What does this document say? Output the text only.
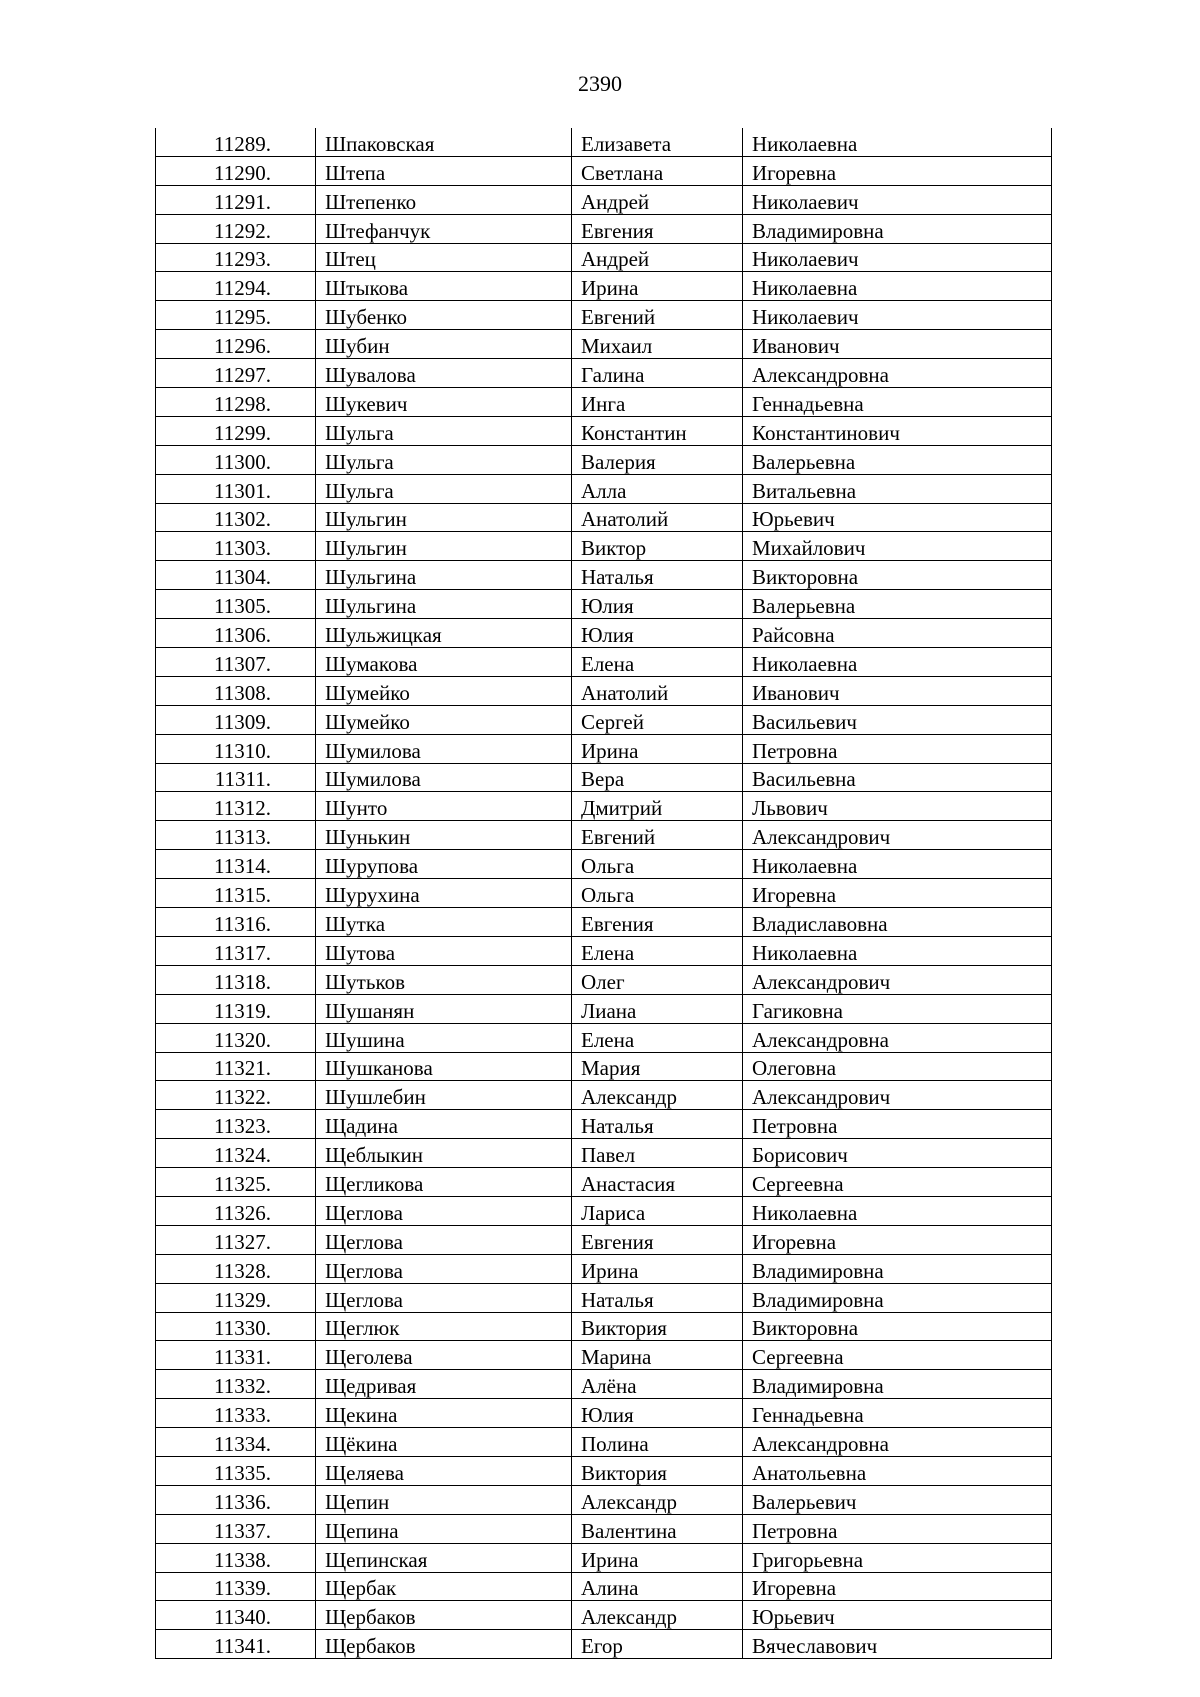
2390
11289.	Шпаковская	Елизавета	Николаевна
11290.	Штепа	Светлана	Игоревна
11291.	Штепенко	Андрей	Николаевич
11292.	Штефанчук	Евгения	Владимировна
11293.	Штец	Андрей	Николаевич
11294.	Штыкова	Ирина	Николаевна
11295.	Шубенко	Евгений	Николаевич
11296.	Шубин	Михаил	Иванович
11297.	Шувалова	Галина	Александровна
11298.	Шукевич	Инга	Геннадьевна
11299.	Шульга	Константин	Константинович
11300.	Шульга	Валерия	Валерьевна
11301.	Шульга	Алла	Витальевна
11302.	Шульгин	Анатолий	Юрьевич
11303.	Шульгин	Виктор	Михайлович
11304.	Шульгина	Наталья	Викторовна
11305.	Шульгина	Юлия	Валерьевна
11306.	Шульжицкая	Юлия	Райсовна
11307.	Шумакова	Елена	Николаевна
11308.	Шумейко	Анатолий	Иванович
11309.	Шумейко	Сергей	Васильевич
11310.	Шумилова	Ирина	Петровна
11311.	Шумилова	Вера	Васильевна
11312.	Шунто	Дмитрий	Львович
11313.	Шунькин	Евгений	Александрович
11314.	Шурупова	Ольга	Николаевна
11315.	Шурухина	Ольга	Игоревна
11316.	Шутка	Евгения	Владиславовна
11317.	Шутова	Елена	Николаевна
11318.	Шутьков	Олег	Александрович
11319.	Шушанян	Лиана	Гагиковна
11320.	Шушина	Елена	Александровна
11321.	Шушканова	Мария	Олеговна
11322.	Шушлебин	Александр	Александрович
11323.	Щадина	Наталья	Петровна
11324.	Щеблыкин	Павел	Борисович
11325.	Щегликова	Анастасия	Сергеевна
11326.	Щеглова	Лариса	Николаевна
11327.	Щеглова	Евгения	Игоревна
11328.	Щеглова	Ирина	Владимировна
11329.	Щеглова	Наталья	Владимировна
11330.	Щеглюк	Виктория	Викторовна
11331.	Щеголева	Марина	Сергеевна
11332.	Щедривая	Алёна	Владимировна
11333.	Щекина	Юлия	Геннадьевна
11334.	Щёкина	Полина	Александровна
11335.	Щеляева	Виктория	Анатольевна
11336.	Щепин	Александр	Валерьевич
11337.	Щепина	Валентина	Петровна
11338.	Щепинская	Ирина	Григорьевна
11339.	Щербак	Алина	Игоревна
11340.	Щербаков	Александр	Юрьевич
11341.	Щербаков	Егор	Вячеславович
